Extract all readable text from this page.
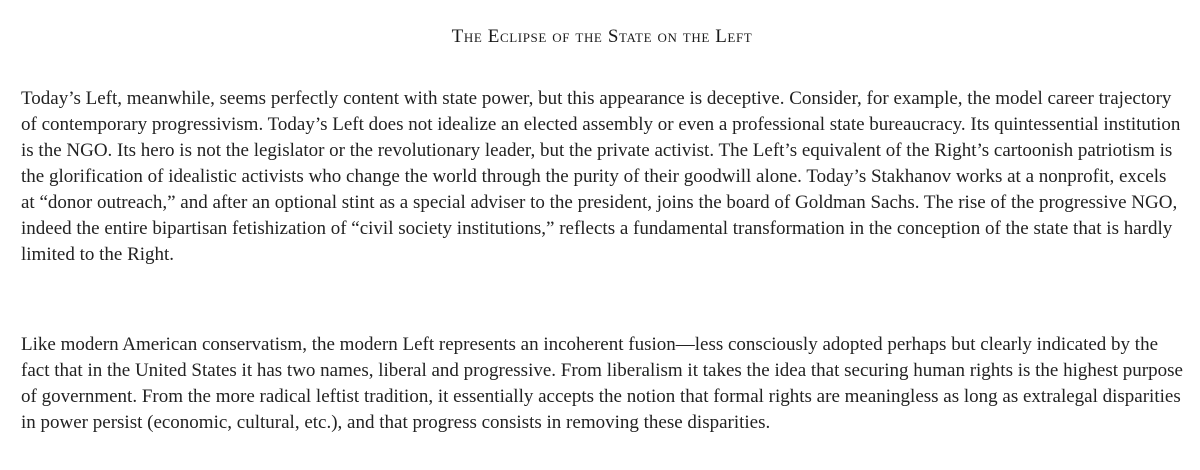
The Eclipse of the State on the Left

Today’s Left, meanwhile, seems perfectly content with state power, but this appearance is deceptive. Consider, for example, the model career trajectory of contemporary progressivism. Today’s Left does not idealize an elected assembly or even a professional state bureaucracy. Its quintessential institution is the NGO. Its hero is not the legislator or the revolutionary leader, but the private activist. The Left’s equivalent of the Right’s cartoonish patriotism is the glorification of idealistic activists who change the world through the purity of their goodwill alone. Today’s Stakhanov works at a nonprofit, excels at “donor outreach,” and after an optional stint as a special adviser to the president, joins the board of Goldman Sachs. The rise of the progressive NGO, indeed the entire bipartisan fetishization of “civil society institutions,” reflects a fundamental transformation in the conception of the state that is hardly limited to the Right.

Like modern American conservatism, the modern Left represents an incoherent fusion—less consciously adopted perhaps but clearly indicated by the fact that in the United States it has two names, liberal and progressive. From liberalism it takes the idea that securing human rights is the highest purpose of government. From the more radical leftist tradition, it essentially accepts the notion that formal rights are meaningless as long as extralegal disparities in power persist (economic, cultural, etc.), and that progress consists in removing these disparities.
